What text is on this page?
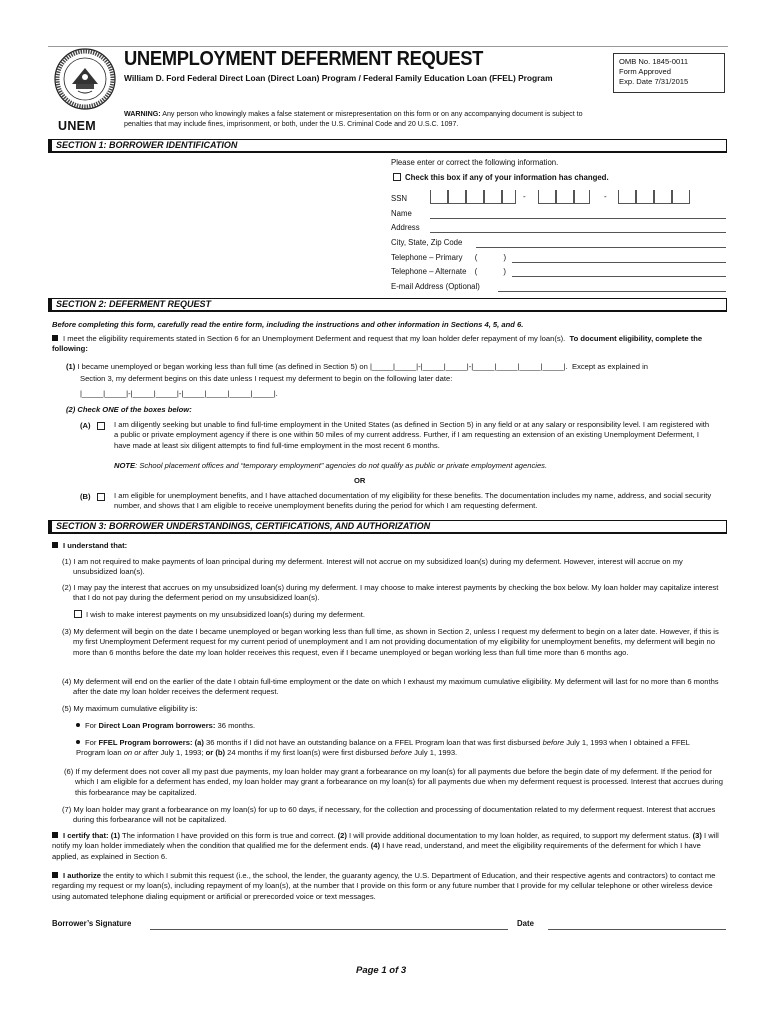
UNEM
UNEMPLOYMENT DEFERMENT REQUEST
William D. Ford Federal Direct Loan (Direct Loan) Program / Federal Family Education Loan (FFEL) Program
OMB No. 1845-0011
Form Approved
Exp. Date 7/31/2015
WARNING: Any person who knowingly makes a false statement or misrepresentation on this form or on any accompanying document is subject to penalties that may include fines, imprisonment, or both, under the U.S. Criminal Code and 20 U.S.C. 1097.
SECTION 1: BORROWER IDENTIFICATION
Please enter or correct the following information.
Check this box if any of your information has changed.
SSN	-	-
Name
Address
City, State, Zip Code
Telephone – Primary (	)
Telephone – Alternate (	)
E-mail Address (Optional)
SECTION 2: DEFERMENT REQUEST
Before completing this form, carefully read the entire form, including the instructions and other information in Sections 4, 5, and 6.
I meet the eligibility requirements stated in Section 6 for an Unemployment Deferment and request that my loan holder defer repayment of my loan(s). To document eligibility, complete the following:
(1) I became unemployed or began working less than full time (as defined in Section 5) on |_____|_____|-|_____|_____|-|_____|_____|_____|_____|. Except as explained in
Section 3, my deferment begins on this date unless I request my deferment to begin on the following later date:
|_____|_____|-|_____|_____|-|_____|_____|_____|_____|.
(2) Check ONE of the boxes below:
(A)	I am diligently seeking but unable to find full-time employment in the United States (as defined in Section 5) in any field or at any salary or responsibility level. I am registered with a public or private employment agency if there is one within 50 miles of my current address. Further, if I am requesting an extension of an existing Unemployment Deferment, I have made at least six diligent attempts to find full-time employment in the most recent 6 months.
NOTE: School placement offices and “temporary employment” agencies do not qualify as public or private employment agencies.
OR
(B)	I am eligible for unemployment benefits, and I have attached documentation of my eligibility for these benefits. The documentation includes my name, address, and social security number, and shows that I am eligible to receive unemployment benefits during the period for which I am requesting deferment.
SECTION 3: BORROWER UNDERSTANDINGS, CERTIFICATIONS, AND AUTHORIZATION
I understand that:
(1) I am not required to make payments of loan principal during my deferment. Interest will not accrue on my subsidized loan(s) during my deferment. However, interest will accrue on my unsubsidized loan(s).
(2) I may pay the interest that accrues on my unsubsidized loan(s) during my deferment. I may choose to make interest payments by checking the box below. My loan holder may capitalize interest that I do not pay during the deferment period on my unsubsidized loan(s).
I wish to make interest payments on my unsubsidized loan(s) during my deferment.
(3) My deferment will begin on the date I became unemployed or began working less than full time, as shown in Section 2, unless I request my deferment to begin on a later date. However, if this is my first Unemployment Deferment request for my current period of unemployment and I am not providing documentation of my eligibility for unemployment benefits, my deferment will begin no more than 6 months before the date my loan holder receives this request, even if I became unemployed or began working less than full time more than 6 months ago.
(4) My deferment will end on the earlier of the date I obtain full-time employment or the date on which I exhaust my maximum cumulative eligibility. My deferment will last for no more than 6 months after the date my loan holder receives the deferment request.
(5) My maximum cumulative eligibility is:
For Direct Loan Program borrowers: 36 months.
For FFEL Program borrowers: (a) 36 months if I did not have an outstanding balance on a FFEL Program loan that was first disbursed before July 1, 1993 when I obtained a FFEL Program loan on or after July 1, 1993; or (b) 24 months if my first loan(s) were first disbursed before July 1, 1993.
(6) If my deferment does not cover all my past due payments, my loan holder may grant a forbearance on my loan(s) for all payments due before the begin date of my deferment. If the period for which I am eligible for a deferment has ended, my loan holder may grant a forbearance on my loan(s) for all payments due when my deferment request is processed. Interest that accrues during this forbearance may be capitalized.
(7) My loan holder may grant a forbearance on my loan(s) for up to 60 days, if necessary, for the collection and processing of documentation related to my deferment request. Interest that accrues during this forbearance will not be capitalized.
I certify that: (1) The information I have provided on this form is true and correct. (2) I will provide additional documentation to my loan holder, as required, to support my deferment status. (3) I will notify my loan holder immediately when the condition that qualified me for the deferment ends. (4) I have read, understand, and meet the eligibility requirements of the deferment for which I have applied, as explained in Section 6.
I authorize the entity to which I submit this request (i.e., the school, the lender, the guaranty agency, the U.S. Department of Education, and their respective agents and contractors) to contact me regarding my request or my loan(s), including repayment of my loan(s), at the number that I provide on this form or any future number that I provide for my cellular telephone or other wireless device using automated telephone dialing equipment or artificial or prerecorded voice or text messages.
Borrower’s Signature	Date
Page 1 of 3
